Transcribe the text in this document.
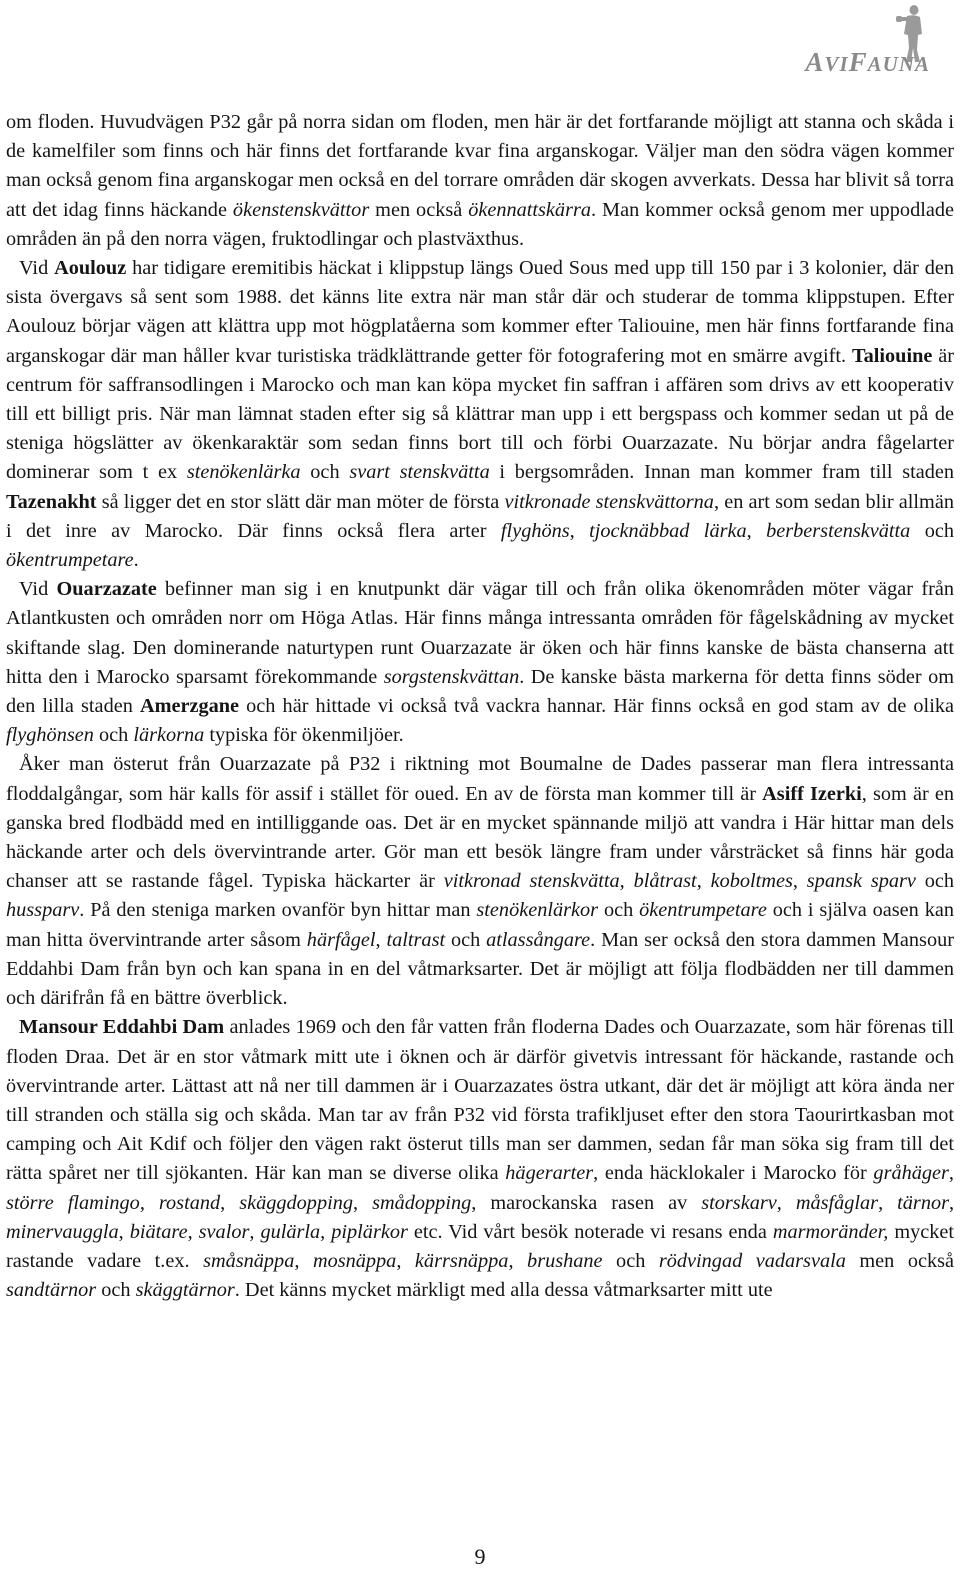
AVIFAUNA

om floden. Huvudvägen P32 går på norra sidan om floden, men här är det fortfarande möjligt att stanna och skåda i de kamelfiler som finns och här finns det fortfarande kvar fina arganskogar. Väljer man den södra vägen kommer man också genom fina arganskogar men också en del torrare områden där skogen avverkats. Dessa har blivit så torra att det idag finns häckande ökenstenskvättor men också ökennattskärra. Man kommer också genom mer uppodlade områden än på den norra vägen, fruktodlingar och plastväxthus.

Vid Aoulouz har tidigare eremitibis häckat i klippstup längs Oued Sous med upp till 150 par i 3 kolonier, där den sista övergavs så sent som 1988. det känns lite extra när man står där och studerar de tomma klippstupen. Efter Aoulouz börjar vägen att klättra upp mot högplatåerna som kommer efter Taliouine, men här finns fortfarande fina arganskogar där man håller kvar turistiska trädklättrande getter för fotografering mot en smärre avgift. Taliouine är centrum för saffransodlingen i Marocko och man kan köpa mycket fin saffran i affären som drivs av ett kooperativ till ett billigt pris. När man lämnat staden efter sig så klättrar man upp i ett bergspass och kommer sedan ut på de steniga högslätter av ökenkaraktär som sedan finns bort till och förbi Ouarzazate. Nu börjar andra fågelarter dominerar som t ex stenökenlärka och svart stenskvätta i bergsområden. Innan man kommer fram till staden Tazenakht så ligger det en stor slätt där man möter de första vitkronade stenskvättorna, en art som sedan blir allmän i det inre av Marocko. Där finns också flera arter flyghöns, tjocknäbbad lärka, berberstenskvätta och ökentrumpetare.

Vid Ouarzazate befinner man sig i en knutpunkt där vägar till och från olika ökenområden möter vägar från Atlantkusten och områden norr om Höga Atlas. Här finns många intressanta områden för fågelskådning av mycket skiftande slag. Den dominerande naturtypen runt Ouarzazate är öken och här finns kanske de bästa chanserna att hitta den i Marocko sparsamt förekommande sorgstenskvättan. De kanske bästa markerna för detta finns söder om den lilla staden Amerzgane och här hittade vi också två vackra hannar. Här finns också en god stam av de olika flyghönsen och lärkorna typiska för ökenmiljöer.

Åker man österut från Ouarzazate på P32 i riktning mot Boumalne de Dades passerar man flera intressanta floddalgångar, som här kalls för assif i stället för oued. En av de första man kommer till är Asiff Izerki, som är en ganska bred flodbädd med en intilliggande oas. Det är en mycket spännande miljö att vandra i Här hittar man dels häckande arter och dels övervintrande arter. Gör man ett besök längre fram under vårsträcket så finns här goda chanser att se rastande fågel. Typiska häckarter är vitkronad stenskvätta, blåtrast, koboltmes, spansk sparv och hussparv. På den steniga marken ovanför byn hittar man stenökenlärkor och ökentrumpetare och i själva oasen kan man hitta övervintrande arter såsom härfågel, taltrast och atlassångare. Man ser också den stora dammen Mansour Eddahbi Dam från byn och kan spana in en del våtmarksarter. Det är möjligt att följa flodbädden ner till dammen och därifrån få en bättre överblick.

Mansour Eddahbi Dam anlades 1969 och den får vatten från floderna Dades och Ouarzazate, som här förenas till floden Draa. Det är en stor våtmark mitt ute i öknen och är därför givetvis intressant för häckande, rastande och övervintrande arter. Lättast att nå ner till dammen är i Ouarzazates östra utkant, där det är möjligt att köra ända ner till stranden och ställa sig och skåda. Man tar av från P32 vid första trafikljuset efter den stora Taourirtkasban mot camping och Ait Kdif och följer den vägen rakt österut tills man ser dammen, sedan får man söka sig fram till det rätta spåret ner till sjökanten. Här kan man se diverse olika hägerarter, enda häcklokaler i Marocko för gråhäger, större flamingo, rostand, skäggdopping, smådopping, marockanska rasen av storskarv, måsfåglar, tärnor, minervauggla, biätare, svalor, gulärla, piplärkor etc. Vid vårt besök noterade vi resans enda marmoränder, mycket rastande vadare t.ex. småsnäppa, mosnäppa, kärrsnäppa, brushane och rödvingad vadarsvala men också sandtärnor och skäggtärnor. Det känns mycket märkligt med alla dessa våtmarksarter mitt ute

9
